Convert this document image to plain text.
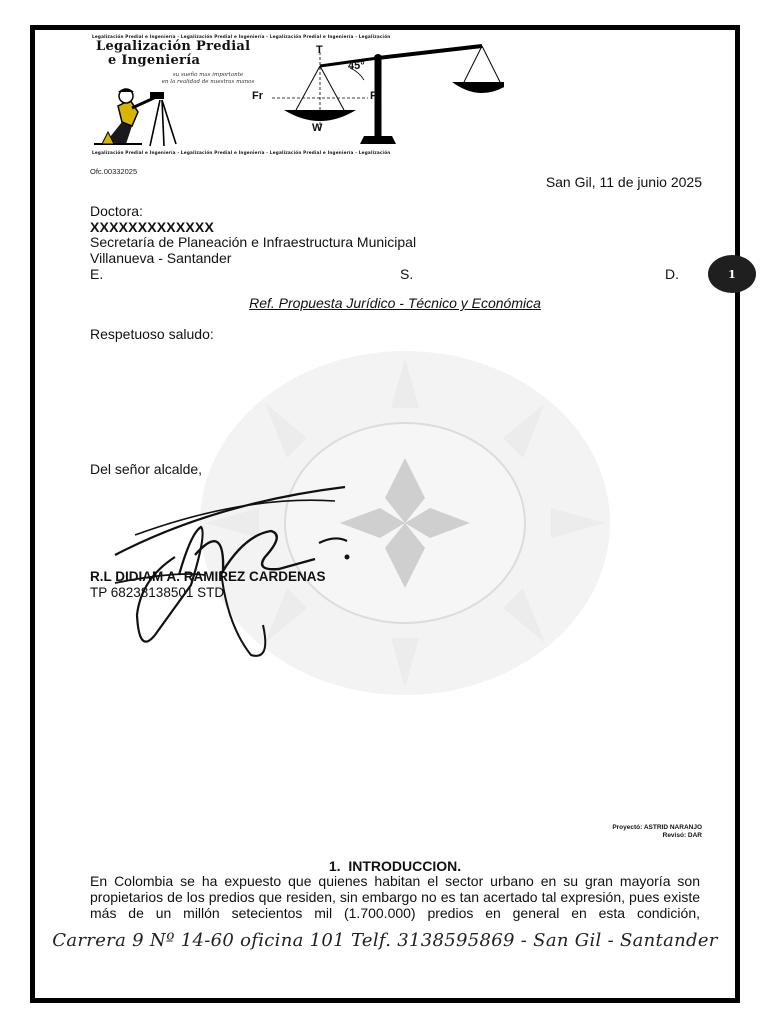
Legalización Predial e Ingeniería - Legalización Predial e Ingeniería - Legalización Predial e Ingeniería - Legalización
Legalización Predial e Ingeniería - Legalización Predial e Ingeniería - Legalización Predial e Ingeniería - Legalización
Legalización Predial
e Ingeniería
su sueño mas importante
en la realidad de nuestras manos
T
45°
Fr	F
W
Ofc.00332025
San Gil, 11 de junio 2025
Doctora:
XXXXXXXXXXXXX
Secretaría de Planeación e Infraestructura Municipal
Villanueva - Santander
E.	S.	D.
Ref. Propuesta Jurídico - Técnico y Económica
Respetuoso saludo:
Del señor alcalde,
R.L DIDIAM A. RAMIREZ CARDENAS
TP 68238138501 STD
Proyectó: ASTRID NARANJO
Revisó: DAR
1.  INTRODUCCION.
En Colombia se ha expuesto que quienes habitan el sector urbano en su gran mayoría son propietarios de los predios que residen, sin embargo no es tan acertado tal expresión, pues existe más de un millón setecientos mil (1.700.000) predios en general en esta condición,
Carrera 9 Nº 14-60 oficina 101 Telf. 3138595869 - San Gil - Santander
1
